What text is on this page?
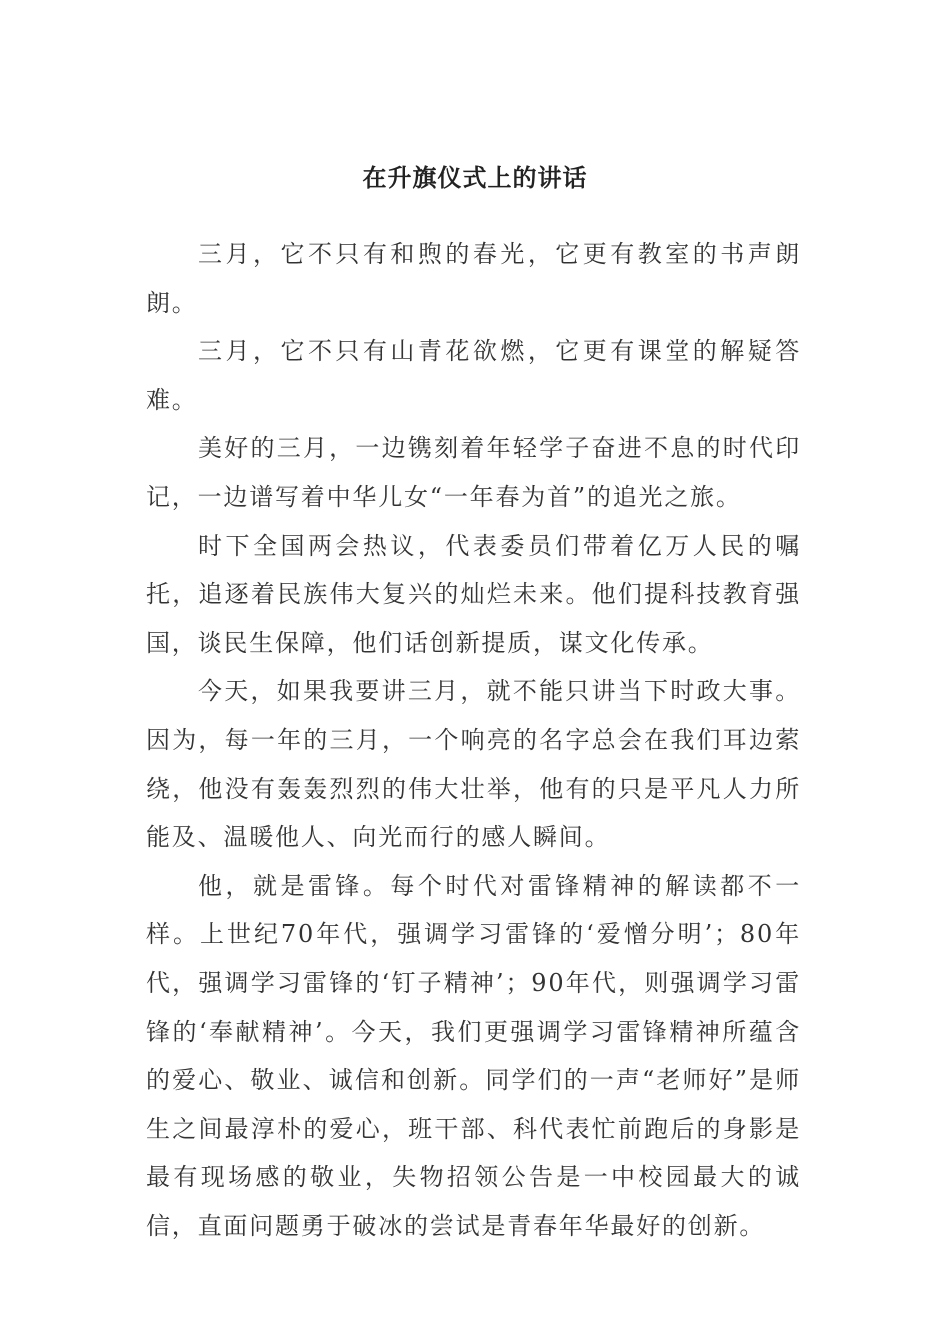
在升旗仪式上的讲话

三月，它不只有和煦的春光，它更有教室的书声朗朗。

三月，它不只有山青花欲燃，它更有课堂的解疑答难。

美好的三月，一边镌刻着年轻学子奋进不息的时代印记，一边谱写着中华儿女“一年春为首”的追光之旅。

时下全国两会热议，代表委员们带着亿万人民的嘱托，追逐着民族伟大复兴的灿烂未来。他们提科技教育强国，谈民生保障，他们话创新提质，谋文化传承。

今天，如果我要讲三月，就不能只讲当下时政大事。因为，每一年的三月，一个响亮的名字总会在我们耳边萦绕，他没有轰轰烈烈的伟大壮举，他有的只是平凡人力所能及、温暖他人、向光而行的感人瞬间。

他，就是雷锋。每个时代对雷锋精神的解读都不一样。上世纪70年代，强调学习雷锋的‘爱憎分明’；80年代，强调学习雷锋的‘钉子精神’；90年代，则强调学习雷锋的‘奉献精神’。今天，我们更强调学习雷锋精神所蕴含的爱心、敬业、诚信和创新。同学们的一声“老师好”是师生之间最淳朴的爱心，班干部、科代表忙前跑后的身影是最有现场感的敬业，失物招领公告是一中校园最大的诚信，直面问题勇于破冰的尝试是青春年华最好的创新。
